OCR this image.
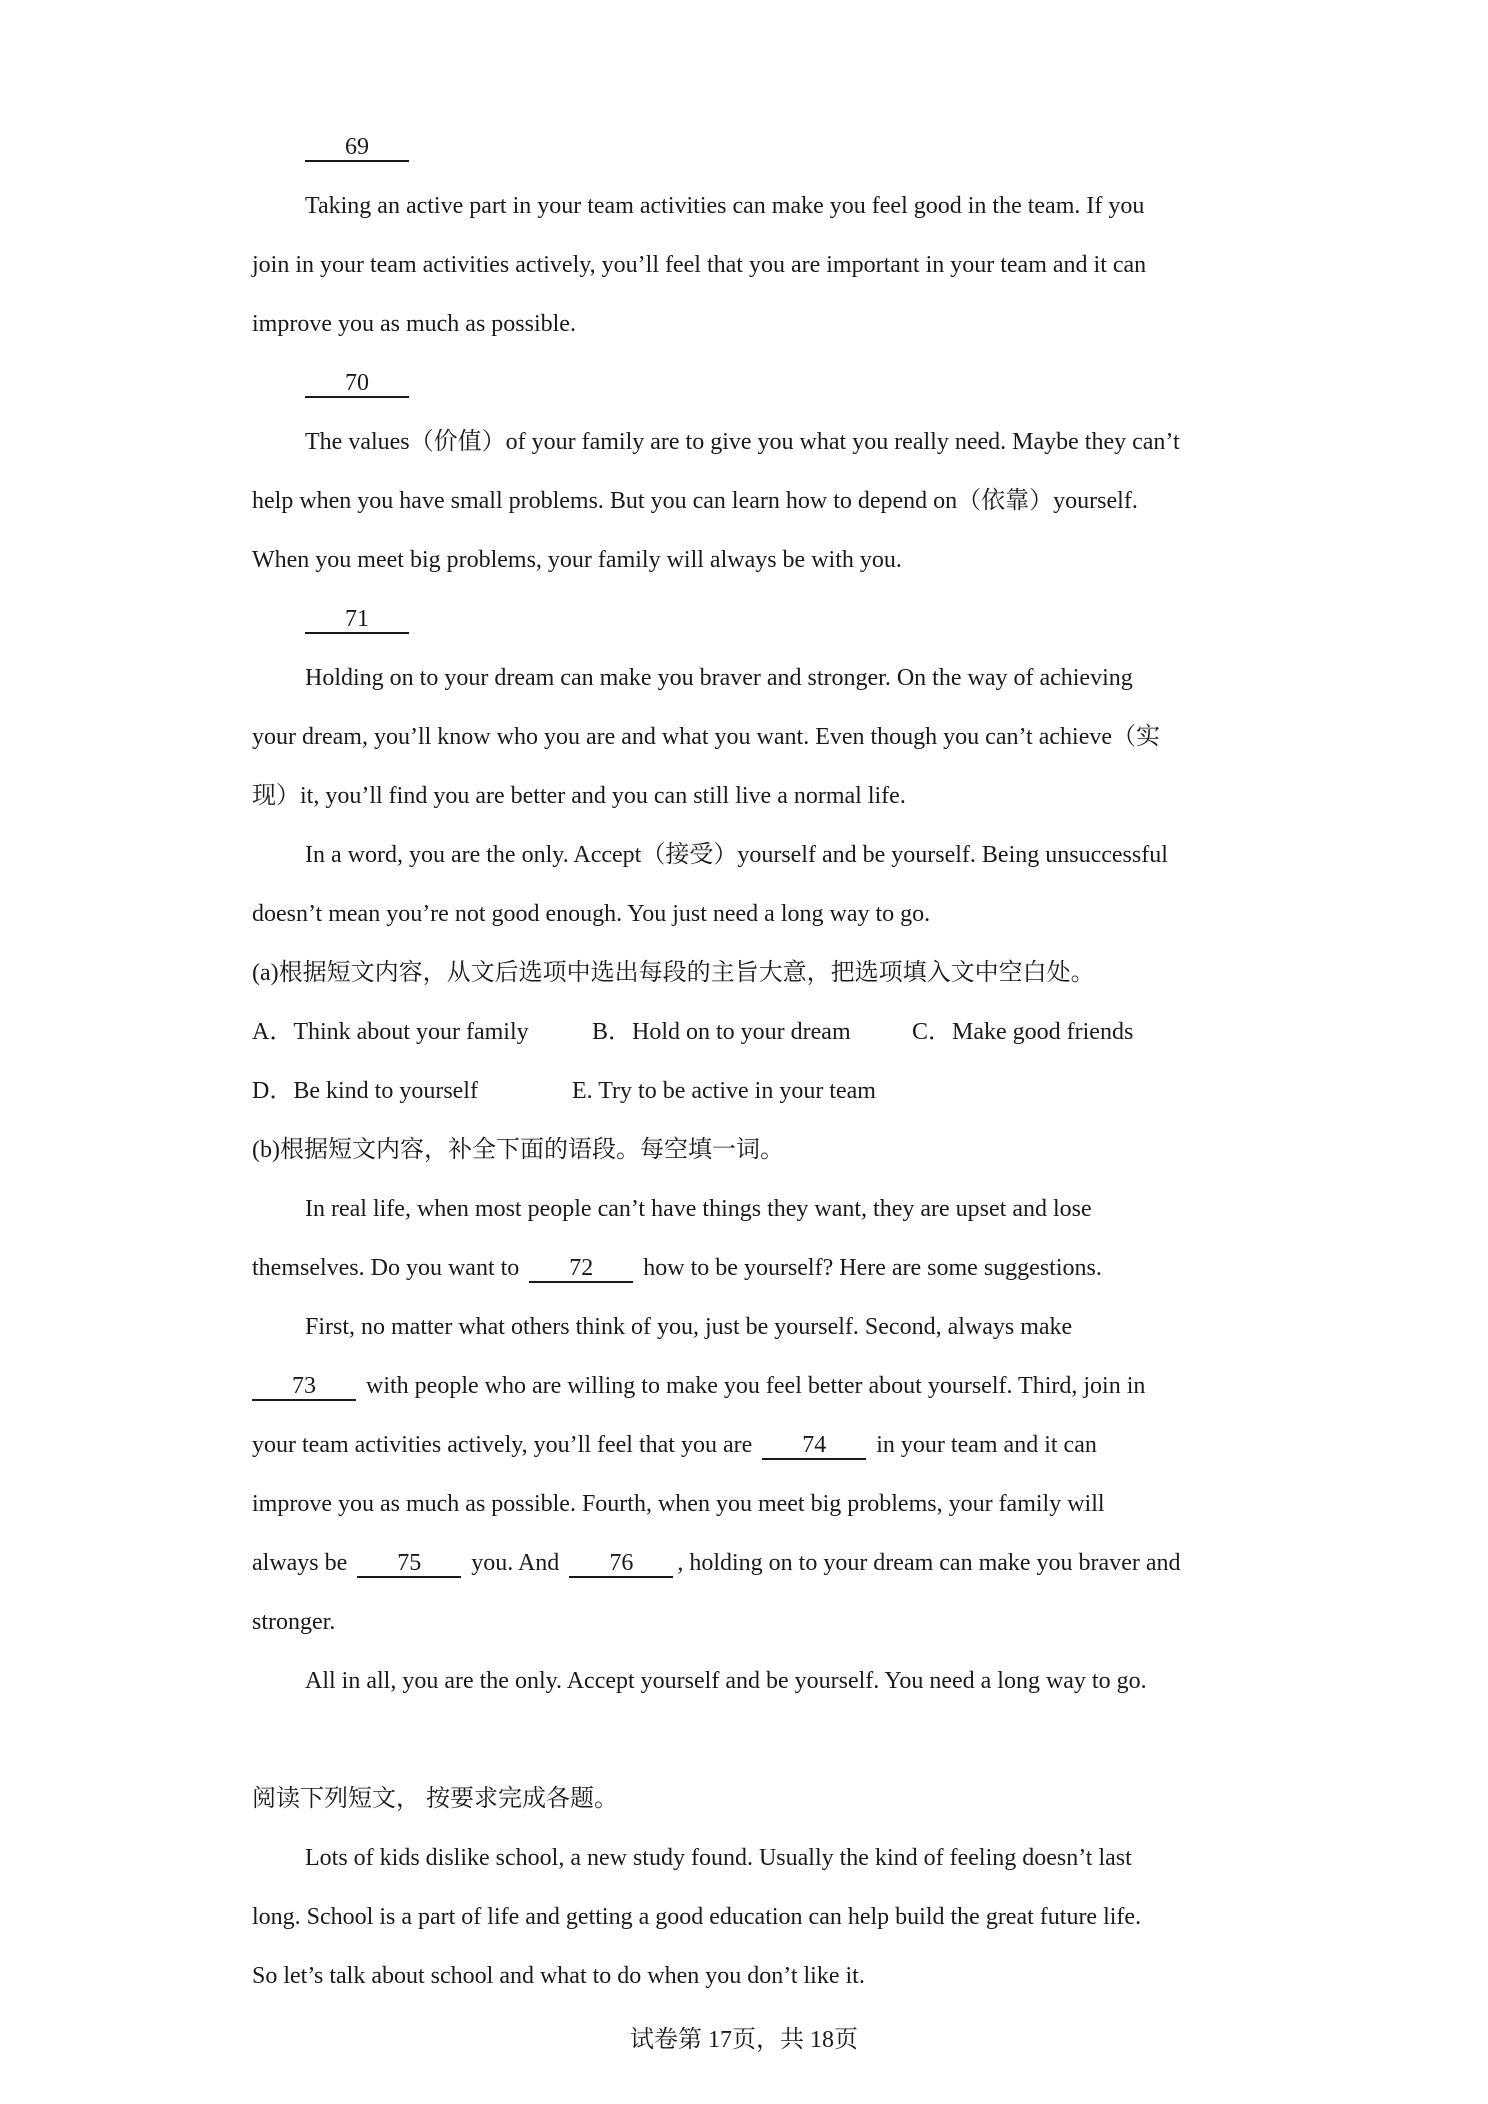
69

Taking an active part in your team activities can make you feel good in the team. If you

join in your team activities actively, you’ll feel that you are important in your team and it can

improve you as much as possible.

70

The values（价值）of your family are to give you what you really need. Maybe they can’t

help when you have small problems. But you can learn how to depend on（依靠）yourself.

When you meet big problems, your family will always be with you.

71

Holding on to your dream can make you braver and stronger. On the way of achieving

your dream, you’ll know who you are and what you want. Even though you can’t achieve（实

现）it, you’ll find you are better and you can still live a normal life.

In a word, you are the only. Accept（接受）yourself and be yourself. Being unsuccessful

doesn’t mean you’re not good enough. You just need a long way to go.

(a)根据短文内容，从文后选项中选出每段的主旨大意，把选项填入文中空白处。

A．Think about your family	B．Hold on to your dream	C．Make good friends

D．Be kind to yourself	E. Try to be active in your team

(b)根据短文内容，补全下面的语段。每空填一词。

In real life, when most people can’t have things they want, they are upset and lose

themselves. Do you want to 72 how to be yourself? Here are some suggestions.

First, no matter what others think of you, just be yourself. Second, always make

73 with people who are willing to make you feel better about yourself. Third, join in

your team activities actively, you’ll feel that you are 74 in your team and it can

improve you as much as possible. Fourth, when you meet big problems, your family will

always be 75 you. And 76 , holding on to your dream can make you braver and

stronger.

All in all, you are the only. Accept yourself and be yourself. You need a long way to go.

阅读下列短文， 按要求完成各题。

Lots of kids dislike school, a new study found. Usually the kind of feeling doesn’t last

long. School is a part of life and getting a good education can help build the great future life.

So let’s talk about school and what to do when you don’t like it.

试卷第 17页，共 18页
